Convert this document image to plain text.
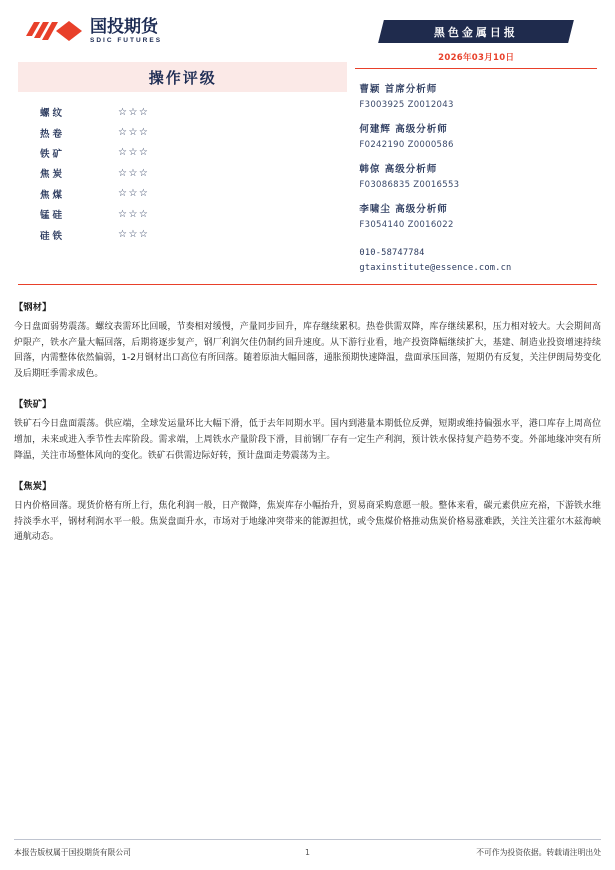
国投期货
SDIC FUTURES
操作评级
螺纹	☆☆☆
热卷	☆☆☆
铁矿	☆☆☆
焦炭	☆☆☆
焦煤	☆☆☆
锰硅	☆☆☆
硅铁	☆☆☆
黑色金属日报
2026年03月10日
曹颖 首席分析师
F3003925 Z0012043
何建辉 高级分析师
F0242190 Z0000586
韩倞 高级分析师
F03086835 Z0016553
李啸尘 高级分析师
F3054140 Z0016022
010-58747784
gtaxinstitute@essence.com.cn
【钢材】
今日盘面弱势震荡。螺纹表需环比回暖，节奏相对缓慢，产量同步回升，库存继续累积。热卷供需双降，库存继续累积，压力相对较大。大会期间高炉限产，铁水产量大幅回落，后期将逐步复产，钢厂利润欠佳仍制约回升速度。从下游行业看，地产投资降幅继续扩大，基建、制造业投资增速持续回落，内需整体依然偏弱，1-2月钢材出口高位有所回落。随着原油大幅回落，通胀预期快速降温，盘面承压回落，短期仍有反复，关注伊朗局势变化及后期旺季需求成色。
【铁矿】
铁矿石今日盘面震荡。供应端，全球发运量环比大幅下滑，低于去年同期水平。国内到港量本期低位反弹，短期或维持偏强水平，港口库存上周高位增加，未来或进入季节性去库阶段。需求端，上周铁水产量阶段下滑，目前钢厂存有一定生产利润，预计铁水保持复产趋势不变。外部地缘冲突有所降温，关注市场整体风向的变化。铁矿石供需边际好转，预计盘面走势震荡为主。
【焦炭】
日内价格回落。现货价格有所上行，焦化利润一般，日产微降，焦炭库存小幅抬升，贸易商采购意愿一般。整体来看，碳元素供应充裕，下游铁水维持淡季水平，钢材利润水平一般。焦炭盘面升水，市场对于地缘冲突带来的能源担忧，或令焦煤价格推动焦炭价格易涨难跌，关注关注霍尔木兹海峡通航动态。
本报告版权属于国投期货有限公司	1	不可作为投资依据。转载请注明出处
